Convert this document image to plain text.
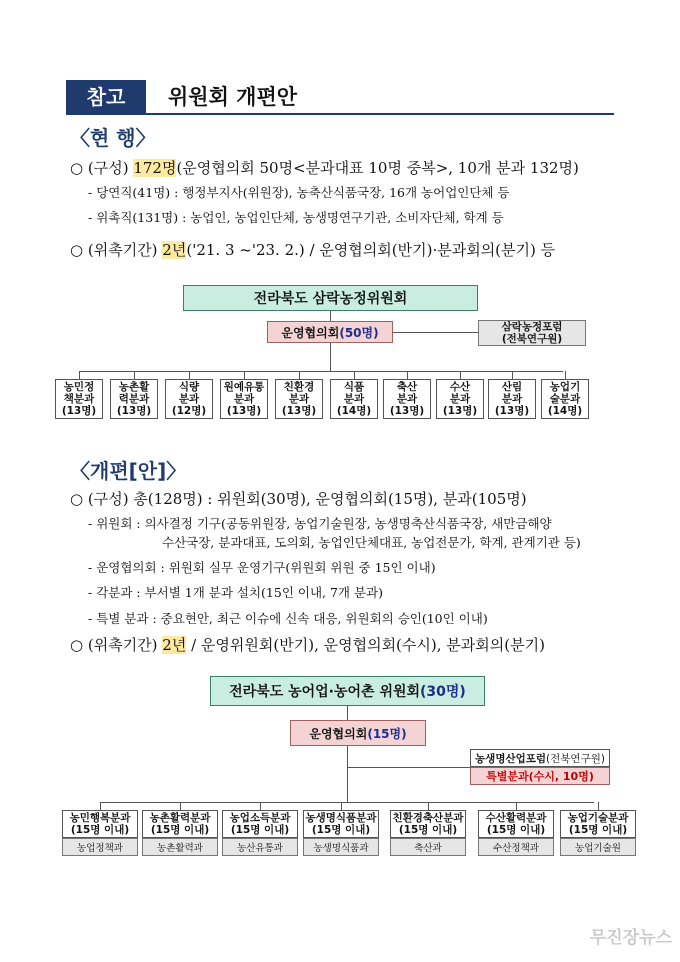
참고	위원회 개편안
〈현 행〉
○ (구성) 172명(운영협의회 50명<분과대표 10명 중복>, 10개 분과 132명)
- 당연직(41명) : 행정부지사(위원장), 농축산식품국장, 16개 농어업인단체 등
- 위촉직(131명) : 농업인, 농업인단체, 농생명연구기관, 소비자단체, 학계 등
○ (위촉기간) 2년('21. 3 ~'23. 2.) / 운영협의회(반기)·분과회의(분기) 등
전라북도 삼락농정위원회
운영협의회 (50명)	삼락농정포럼
(전북연구원)
농민정
책분과
(13명)
농촌활
력분과
(13명)
식량
분과
(12명)
원예유통
분과
(13명)
친환경
분과
(13명)
식품
분과
(14명)
축산
분과
(13명)
수산
분과
(13명)
산림
분과
(13명)
농업기
술분과
(14명)
〈개편[안]〉
○ (구성) 총(128명) : 위원회(30명), 운영협의회(15명), 분과(105명)
- 위원회 : 의사결정 기구(공동위원장, 농업기술원장, 농생명축산식품국장, 새만금해양
수산국장, 분과대표, 도의회, 농업인단체대표, 농업전문가, 학계, 관계기관 등)
- 운영협의회 : 위원회 실무 운영기구(위원회 위원 중 15인 이내)
- 각분과 : 부서별 1개 분과 설치(15인 이내, 7개 분과)
- 특별 분과 : 중요현안, 최근 이슈에 신속 대응, 위원회의 승인(10인 이내)
○ (위촉기간) 2년 / 운영위원회(반기), 운영협의회(수시), 분과회의(분기)
전라북도 농어업·농어촌 위원회 (30명)
운영협의회 (15명)
농생명산업포럼 (전북연구원)
특별분과(수시, 10명)
농민행복분과
(15명 이내)
농업정책과
농촌활력분과
(15명 이내)
농촌활력과
농업소득분과
(15명 이내)
농산유통과
농생명식품분과
(15명 이내)
농생명식품과
친환경축산분과
(15명 이내)
축산과
수산활력분과
(15명 이내)
수산정책과
농업기술분과
(15명 이내)
농업기술원
무진장뉴스
